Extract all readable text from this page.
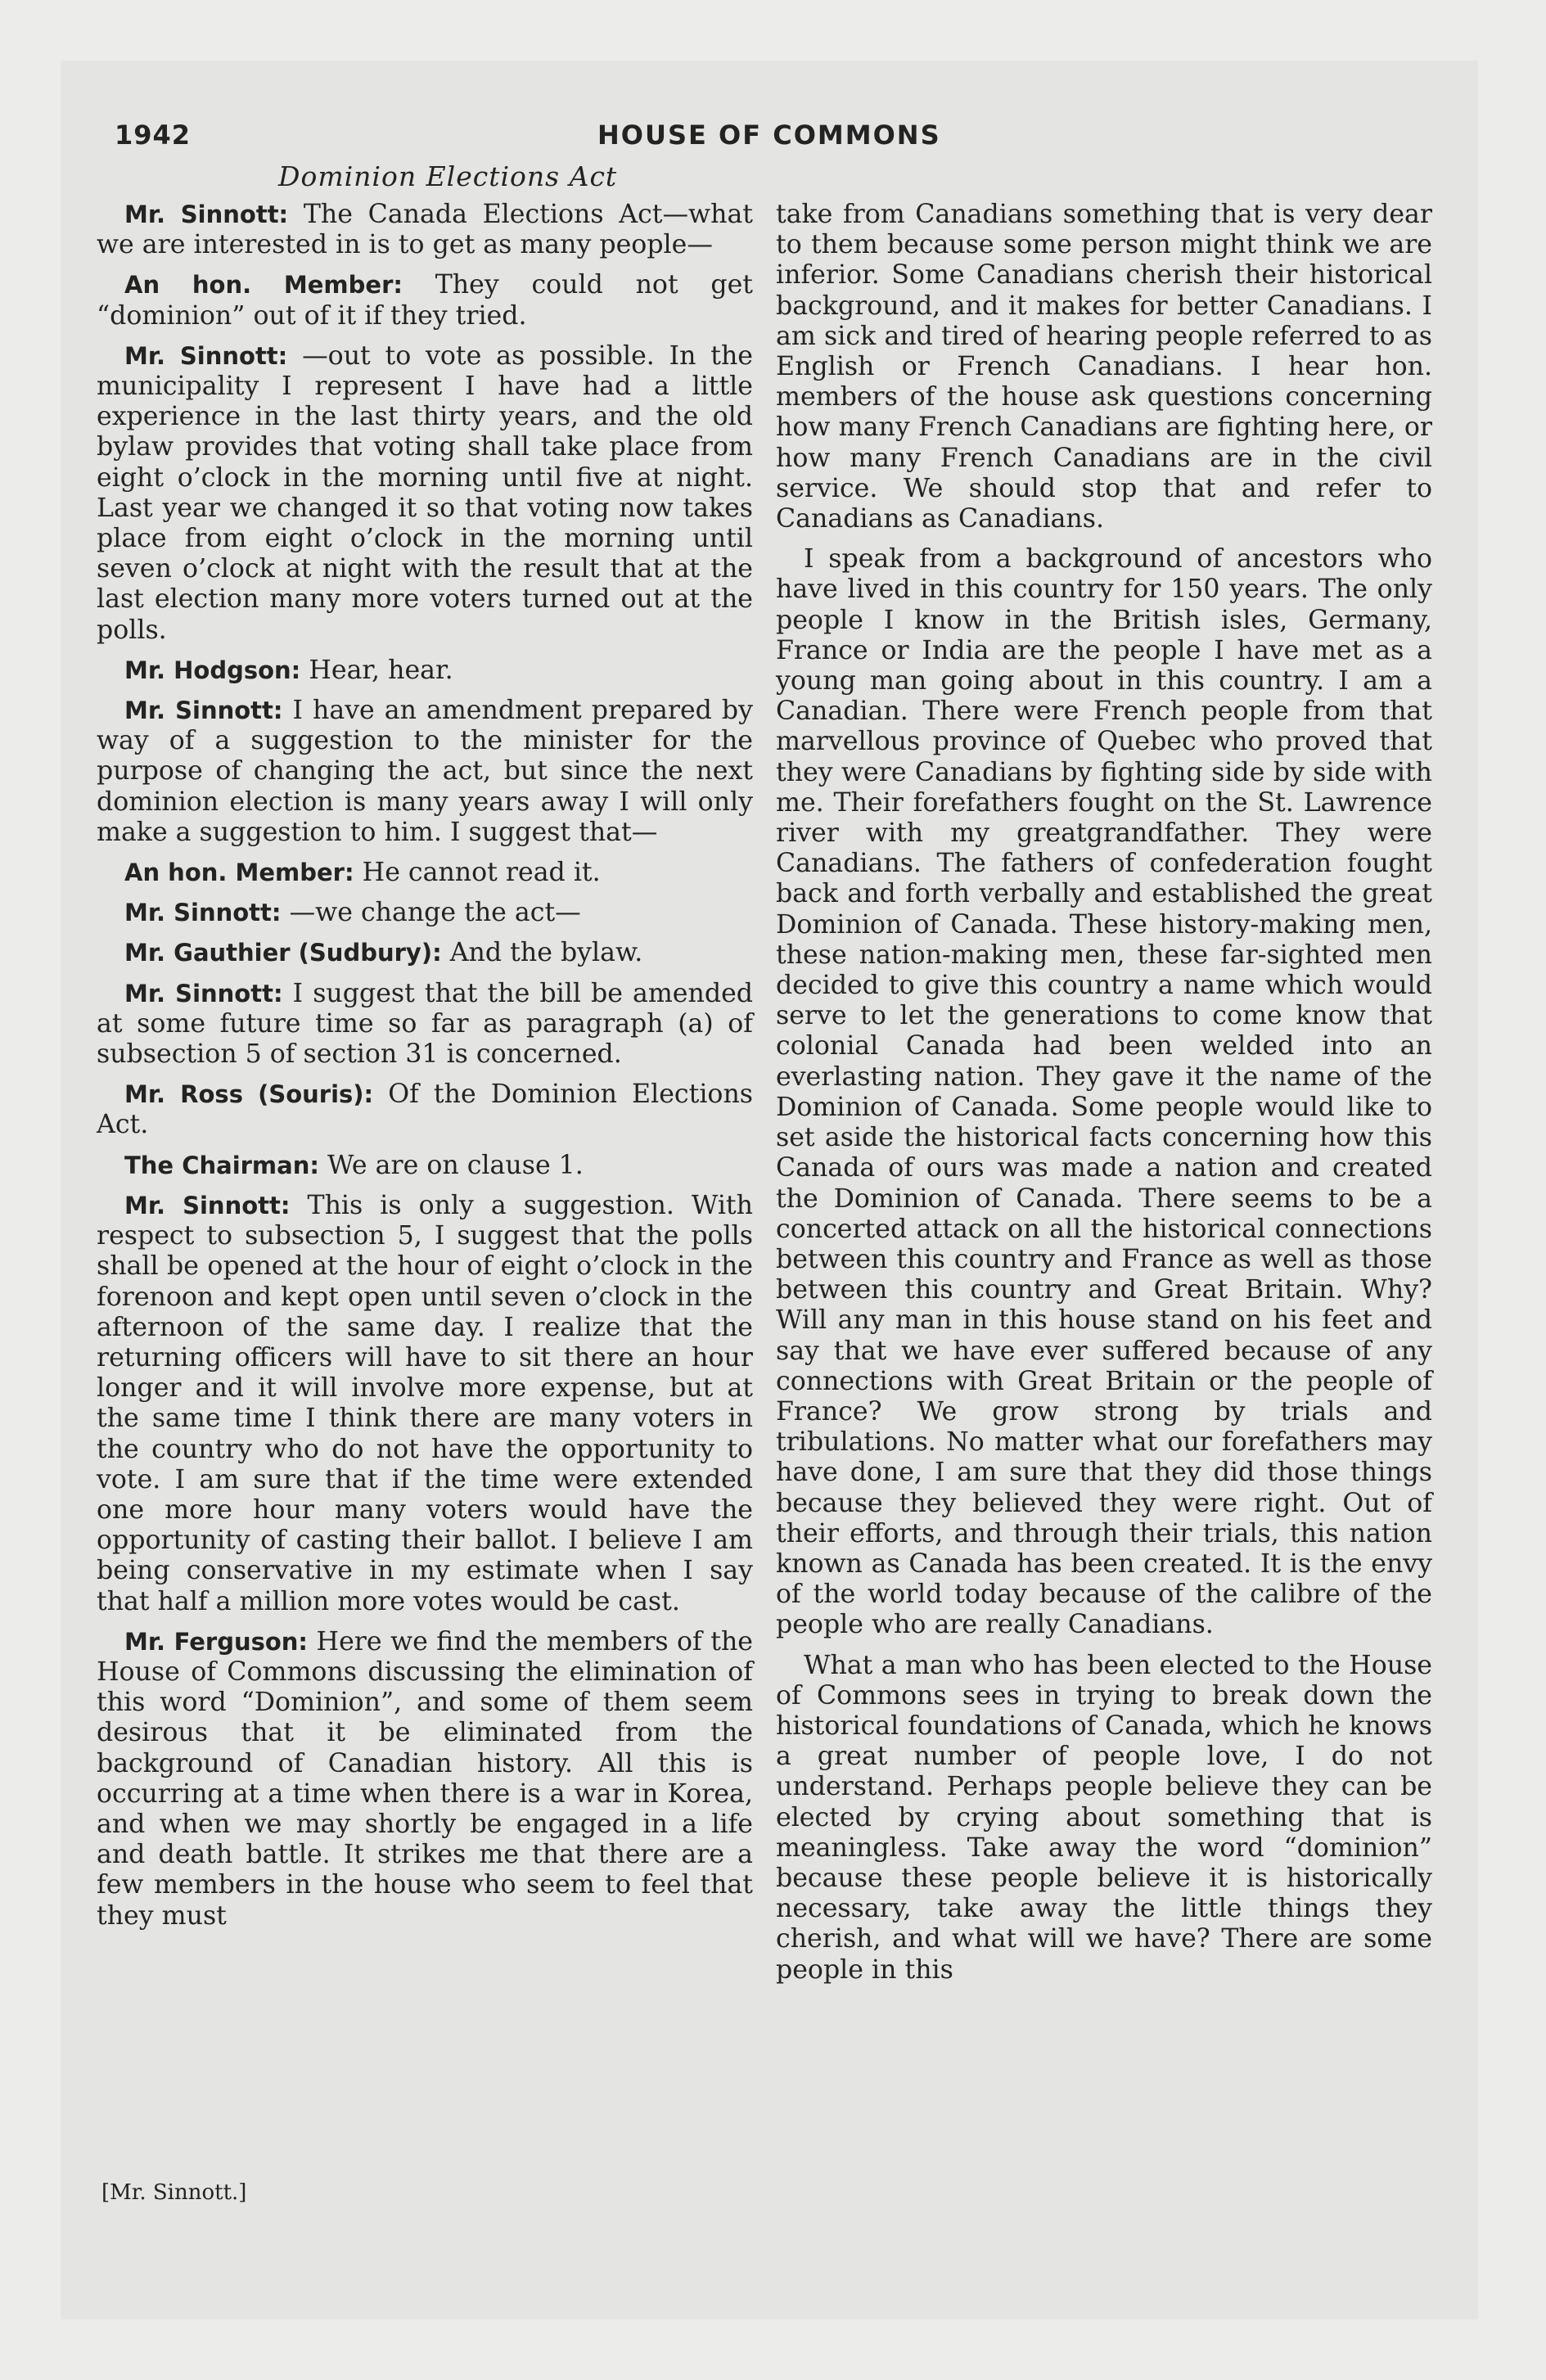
1942	HOUSE OF COMMONS
Dominion Elections Act

Mr. Sinnott: The Canada Elections Act—what we are interested in is to get as many people—

An hon. Member: They could not get “dominion” out of it if they tried.

Mr. Sinnott: —out to vote as possible. In the municipality I represent I have had a little experience in the last thirty years, and the old bylaw provides that voting shall take place from eight o’clock in the morning until five at night. Last year we changed it so that voting now takes place from eight o’clock in the morning until seven o’clock at night with the result that at the last election many more voters turned out at the polls.

Mr. Hodgson: Hear, hear.

Mr. Sinnott: I have an amendment prepared by way of a suggestion to the minister for the purpose of changing the act, but since the next dominion election is many years away I will only make a suggestion to him. I suggest that—

An hon. Member: He cannot read it.

Mr. Sinnott: —we change the act—

Mr. Gauthier (Sudbury): And the bylaw.

Mr. Sinnott: I suggest that the bill be amended at some future time so far as paragraph (a) of subsection 5 of section 31 is concerned.

Mr. Ross (Souris): Of the Dominion Elections Act.

The Chairman: We are on clause 1.

Mr. Sinnott: This is only a suggestion. With respect to subsection 5, I suggest that the polls shall be opened at the hour of eight o’clock in the forenoon and kept open until seven o’clock in the afternoon of the same day. I realize that the returning officers will have to sit there an hour longer and it will involve more expense, but at the same time I think there are many voters in the country who do not have the opportunity to vote. I am sure that if the time were extended one more hour many voters would have the opportunity of casting their ballot. I believe I am being conservative in my estimate when I say that half a million more votes would be cast.

Mr. Ferguson: Here we find the members of the House of Commons discussing the elimination of this word “Dominion”, and some of them seem desirous that it be eliminated from the background of Canadian history. All this is occurring at a time when there is a war in Korea, and when we may shortly be engaged in a life and death battle. It strikes me that there are a few members in the house who seem to feel that they must

take from Canadians something that is very dear to them because some person might think we are inferior. Some Canadians cherish their historical background, and it makes for better Canadians. I am sick and tired of hearing people referred to as English or French Canadians. I hear hon. members of the house ask questions concerning how many French Canadians are fighting here, or how many French Canadians are in the civil service. We should stop that and refer to Canadians as Canadians.

I speak from a background of ancestors who have lived in this country for 150 years. The only people I know in the British isles, Germany, France or India are the people I have met as a young man going about in this country. I am a Canadian. There were French people from that marvellous province of Quebec who proved that they were Canadians by fighting side by side with me. Their forefathers fought on the St. Lawrence river with my greatgrandfather. They were Canadians. The fathers of confederation fought back and forth verbally and established the great Dominion of Canada. These history-making men, these nation-making men, these far-sighted men decided to give this country a name which would serve to let the generations to come know that colonial Canada had been welded into an everlasting nation. They gave it the name of the Dominion of Canada. Some people would like to set aside the historical facts concerning how this Canada of ours was made a nation and created the Dominion of Canada. There seems to be a concerted attack on all the historical connections between this country and France as well as those between this country and Great Britain. Why? Will any man in this house stand on his feet and say that we have ever suffered because of any connections with Great Britain or the people of France? We grow strong by trials and tribulations. No matter what our forefathers may have done, I am sure that they did those things because they believed they were right. Out of their efforts, and through their trials, this nation known as Canada has been created. It is the envy of the world today because of the calibre of the people who are really Canadians.

What a man who has been elected to the House of Commons sees in trying to break down the historical foundations of Canada, which he knows a great number of people love, I do not understand. Perhaps people believe they can be elected by crying about something that is meaningless. Take away the word “dominion” because these people believe it is historically necessary, take away the little things they cherish, and what will we have? There are some people in this

[Mr. Sinnott.]
